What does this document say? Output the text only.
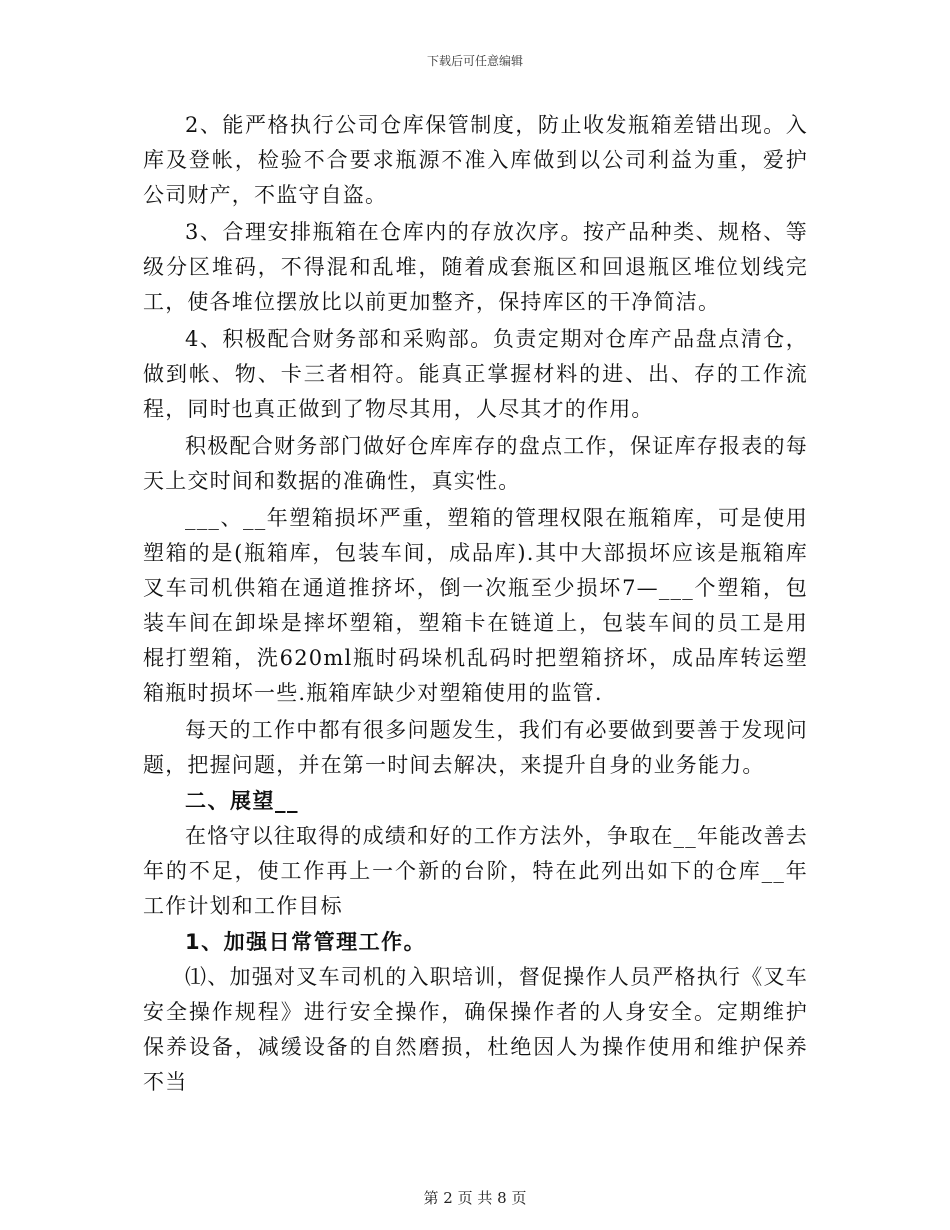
下载后可任意编辑

2、能严格执行公司仓库保管制度，防止收发瓶箱差错出现。入库及登帐，检验不合要求瓶源不准入库做到以公司利益为重，爱护公司财产，不监守自盗。

3、合理安排瓶箱在仓库内的存放次序。按产品种类、规格、等级分区堆码，不得混和乱堆，随着成套瓶区和回退瓶区堆位划线完工，使各堆位摆放比以前更加整齐，保持库区的干净简洁。

4、积极配合财务部和采购部。负责定期对仓库产品盘点清仓，做到帐、物、卡三者相符。能真正掌握材料的进、出、存的工作流程，同时也真正做到了物尽其用，人尽其才的作用。

积极配合财务部门做好仓库库存的盘点工作，保证库存报表的每天上交时间和数据的准确性，真实性。

___、__年塑箱损坏严重，塑箱的管理权限在瓶箱库，可是使用塑箱的是(瓶箱库，包装车间，成品库).其中大部损坏应该是瓶箱库叉车司机供箱在通道推挤坏，倒一次瓶至少损坏7—___个塑箱，包装车间在卸垛是摔坏塑箱，塑箱卡在链道上，包装车间的员工是用棍打塑箱，洗620ml瓶时码垛机乱码时把塑箱挤坏，成品库转运塑箱瓶时损坏一些.瓶箱库缺少对塑箱使用的监管.

每天的工作中都有很多问题发生，我们有必要做到要善于发现问题，把握问题，并在第一时间去解决，来提升自身的业务能力。

二、展望__

在恪守以往取得的成绩和好的工作方法外，争取在__年能改善去年的不足，使工作再上一个新的台阶，特在此列出如下的仓库__年工作计划和工作目标

1、加强日常管理工作。

⑴、加强对叉车司机的入职培训，督促操作人员严格执行《叉车安全操作规程》进行安全操作，确保操作者的人身安全。定期维护保养设备，减缓设备的自然磨损，杜绝因人为操作使用和维护保养不当

第 2 页 共 8 页
